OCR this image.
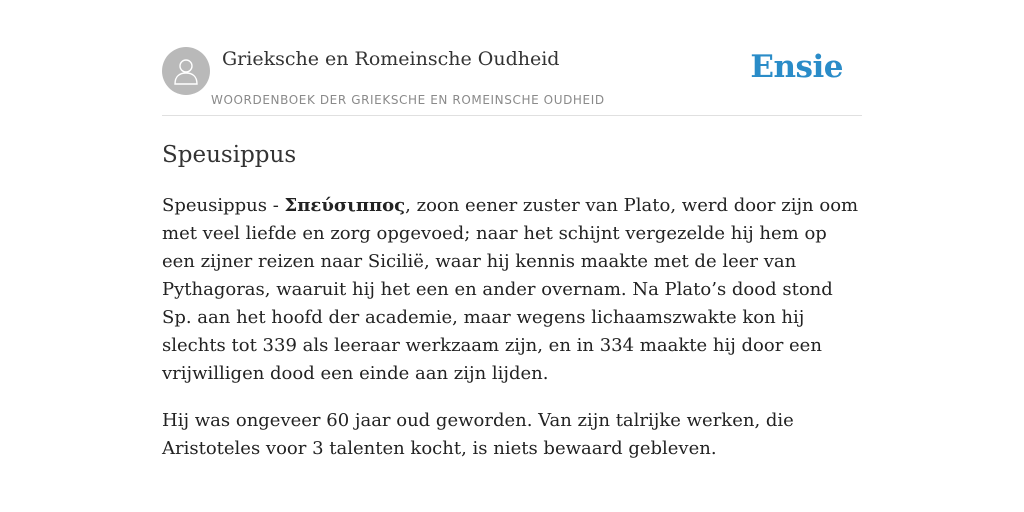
Grieksche en Romeinsche Oudheid
WOORDENBOEK DER GRIEKSCHE EN ROMEINSCHE OUDHEID
Ensie
Speusippus

Speusippus - Σπεύσιππος, zoon eener zuster van Plato, werd door zijn oom met veel liefde en zorg opgevoed; naar het schijnt vergezelde hij hem op een zijner reizen naar Sicilië, waar hij kennis maakte met de leer van Pythagoras, waaruit hij het een en ander overnam. Na Plato’s dood stond Sp. aan het hoofd der academie, maar wegens lichaamszwakte kon hij slechts tot 339 als leeraar werkzaam zijn, en in 334 maakte hij door een vrijwilligen dood een einde aan zijn lijden.

Hij was ongeveer 60 jaar oud geworden. Van zijn talrijke werken, die Aristoteles voor 3 talenten kocht, is niets bewaard gebleven.
